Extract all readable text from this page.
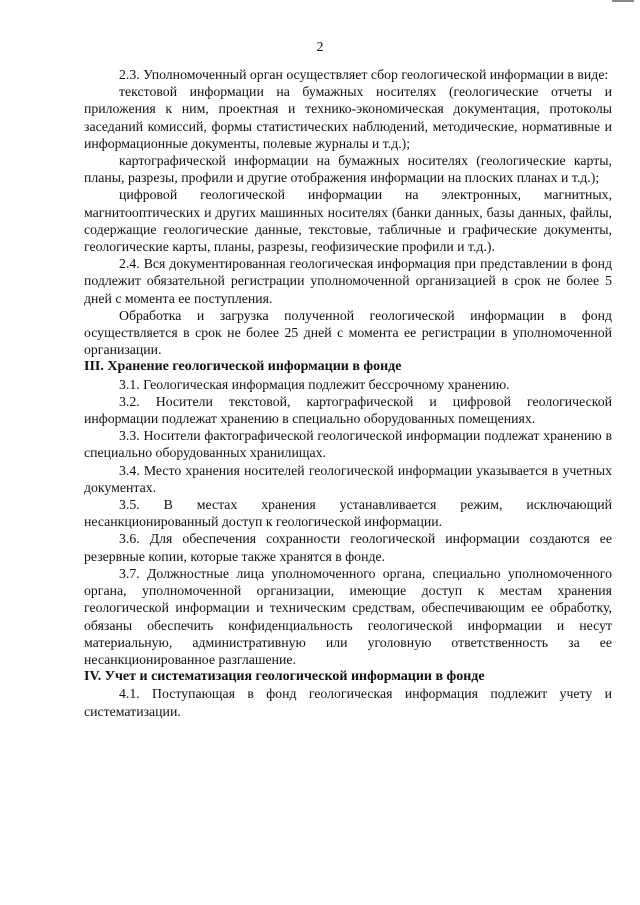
2

2.3. Уполномоченный орган осуществляет сбор геологической информации в виде:

текстовой информации на бумажных носителях (геологические отчеты и приложения к ним, проектная и технико-экономическая документация, протоколы заседаний комиссий, формы статистических наблюдений, методические, нормативные и информационные документы, полевые журналы и т.д.);

картографической информации на бумажных носителях (геологические карты, планы, разрезы, профили и другие отображения информации на плоских планах и т.д.);

цифровой геологической информации на электронных, магнитных, магнитооптических и других машинных носителях (банки данных, базы данных, файлы, содержащие геологические данные, текстовые, табличные и графические документы, геологические карты, планы, разрезы, геофизические профили и т.д.).

2.4. Вся документированная геологическая информация при представлении в фонд подлежит обязательной регистрации уполномоченной организацией в срок не более 5 дней с момента ее поступления.

Обработка и загрузка полученной геологической информации в фонд осуществляется в срок не более 25 дней с момента ее регистрации в уполномоченной организации.

III. Хранение геологической информации в фонде

3.1. Геологическая информация подлежит бессрочному хранению.

3.2. Носители текстовой, картографической и цифровой геологической информации подлежат хранению в специально оборудованных помещениях.

3.3. Носители фактографической геологической информации подлежат хранению в специально оборудованных хранилищах.

3.4. Место хранения носителей геологической информации указывается в учетных документах.

3.5. В местах хранения устанавливается режим, исключающий несанкционированный доступ к геологической информации.

3.6. Для обеспечения сохранности геологической информации создаются ее резервные копии, которые также хранятся в фонде.

3.7. Должностные лица уполномоченного органа, специально уполномоченного органа, уполномоченной организации, имеющие доступ к местам хранения геологической информации и техническим средствам, обеспечивающим ее обработку, обязаны обеспечить конфиденциальность геологической информации и несут материальную, административную или уголовную ответственность за ее несанкционированное разглашение.

IV. Учет и систематизация геологической информации в фонде

4.1. Поступающая в фонд геологическая информация подлежит учету и систематизации.
